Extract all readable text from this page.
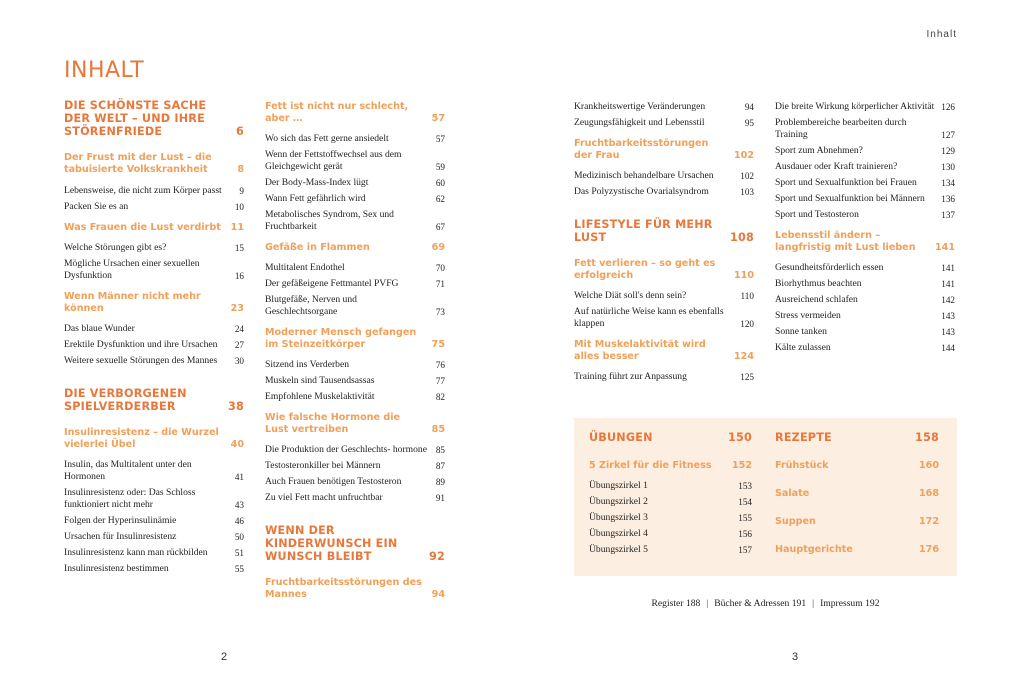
Inhalt
INHALT
DIE SCHÖNSTE SACHE DER WELT – UND IHRE STÖRENFRIEDE	6
Der Frust mit der Lust – die tabuisierte Volkskrankheit	8
Lebensweise, die nicht zum Körper passt	9
Packen Sie es an	10
Was Frauen die Lust verdirbt	11
Welche Störungen gibt es?	15
Mögliche Ursachen einer sexuellen Dysfunktion	16
Wenn Männer nicht mehr können	23
Das blaue Wunder	24
Erektile Dysfunktion und ihre Ursachen	27
Weitere sexuelle Störungen des Mannes	30
DIE VERBORGENEN SPIELVERDERBER	38
Insulinresistenz – die Wurzel vielerlei Übel	40
Insulin, das Multitalent unter den Hormonen	41
Insulinresistenz oder: Das Schloss funktioniert nicht mehr	43
Folgen der Hyperinsulinämie	46
Ursachen für Insulinresistenz	50
Insulinresistenz kann man rückbilden	51
Insulinresistenz bestimmen	55
Fett ist nicht nur schlecht, aber …	57
Wo sich das Fett gerne ansiedelt	57
Wenn der Fettstoffwechsel aus dem Gleichgewicht gerät	59
Der Body-Mass-Index lügt	60
Wann Fett gefährlich wird	62
Metabolisches Syndrom, Sex und Fruchtbarkeit	67
Gefäße in Flammen	69
Multitalent Endothel	70
Der gefäßeigene Fettmantel PVFG	71
Blutgefäße, Nerven und Geschlechtsorgane	73
Moderner Mensch gefangen im Steinzeitkörper	75
Sitzend ins Verderben	76
Muskeln sind Tausendsassas	77
Empfohlene Muskelaktivität	82
Wie falsche Hormone die Lust vertreiben	85
Die Produktion der Geschlechts- hormone 85
Testosteronkiller bei Männern	87
Auch Frauen benötigen Testosteron	89
Zu viel Fett macht unfruchtbar	91
WENN DER KINDERWUNSCH EIN WUNSCH BLEIBT	92
Fruchtbarkeitsstörungen des Mannes	94
Krankheitswertige Veränderungen	94
Zeugungsfähigkeit und Lebensstil	95
Fruchtbarkeitsstörungen der Frau	102
Medizinisch behandelbare Ursachen	102
Das Polyzystische Ovarialsyndrom	103
LIFESTYLE FÜR MEHR LUST	108
Fett verlieren – so geht es erfolgreich	110
Welche Diät soll's denn sein?	110
Auf natürliche Weise kann es ebenfalls klappen	120
Mit Muskelaktivität wird alles besser	124
Training führt zur Anpassung	125
Die breite Wirkung körperlicher Aktivität 126
Problembereiche bearbeiten durch Training	127
Sport zum Abnehmen?	129
Ausdauer oder Kraft trainieren?	130
Sport und Sexualfunktion bei Frauen	134
Sport und Sexualfunktion bei Männern	136
Sport und Testosteron	137
Lebensstil ändern – langfristig mit Lust lieben	141
Gesundheitsförderlich essen	141
Biorhythmus beachten	141
Ausreichend schlafen	142
Stress vermeiden	143
Sonne tanken	143
Kälte zulassen	144
ÜBUNGEN	150
5 Zirkel für die Fitness	152
Übungszirkel 1	153
Übungszirkel 2	154
Übungszirkel 3	155
Übungszirkel 4	156
Übungszirkel 5	157
REZEPTE	158
Frühstück	160
Salate	168
Suppen	172
Hauptgerichte	176
Register 188 | Bücher & Adressen 191 | Impressum 192
2	3
